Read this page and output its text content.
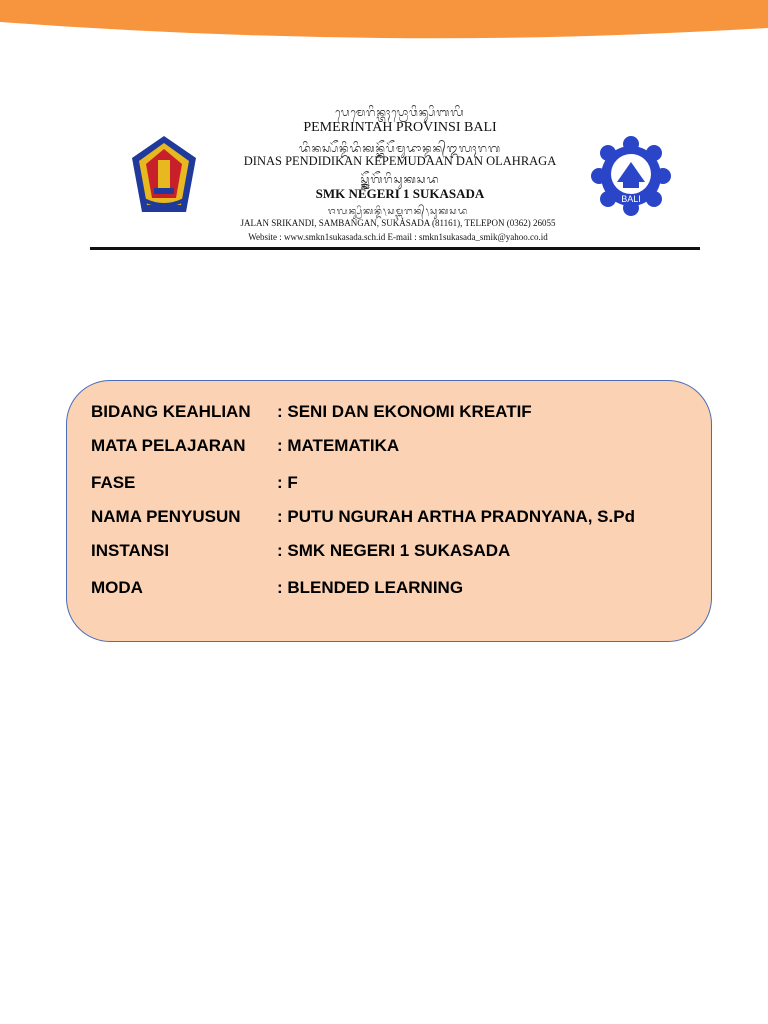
ᬧᬾᬫᬾᬭᬶᬦ᭄ᬢᬄᬧ᭄ᬭᭀᬯᬶᬦ᭄ᬲᬶᬩᬮᬶ
PEMERINTAH PROVINSI BALI
ᬤᬶᬦᬲ᭄ᬧᭂᬦ᭄ᬤᬶᬤᬶᬓᬦ᭄ᬓᭂᬧᭂᬫᬸᬤᬵᬦ᭄ᬤᬦ᭄ᬑᬮᬄᬭᬕ
DINAS PENDIDIKAN KEPEMUDAAN DAN OLAHRAGA
ᬲ᭄ᬫ᭄ᬓ᭄ᬦᭂᬕᭂᬭᬶᬲᬸᬓᬲᬤ
SMK NEGERI 1 SUKASADA
ᬚᬮᬦ᭄ᬲ᭄ᬭᬶᬓᬦ᭄ᬤᬶ᭞ᬲᬫ᭄ᬩᬗᬦ᭄᭞ᬲᬸᬓᬲᬤ
JALAN SRIKANDI, SAMBANGAN, SUKASADA (81161), TELEPON (0362) 26055
Website : www.smkn1sukasada.sch.id E-mail : smkn1sukasada_smik@yahoo.co.id
BALI
BIDANG KEAHLIAN : SENI DAN EKONOMI KREATIF
MATA PELAJARAN : MATEMATIKA
FASE	: F
NAMA PENYUSUN : PUTU NGURAH ARTHA PRADNYANA, S.Pd
INSTANSI	: SMK NEGERI 1 SUKASADA
MODA	: BLENDED LEARNING
